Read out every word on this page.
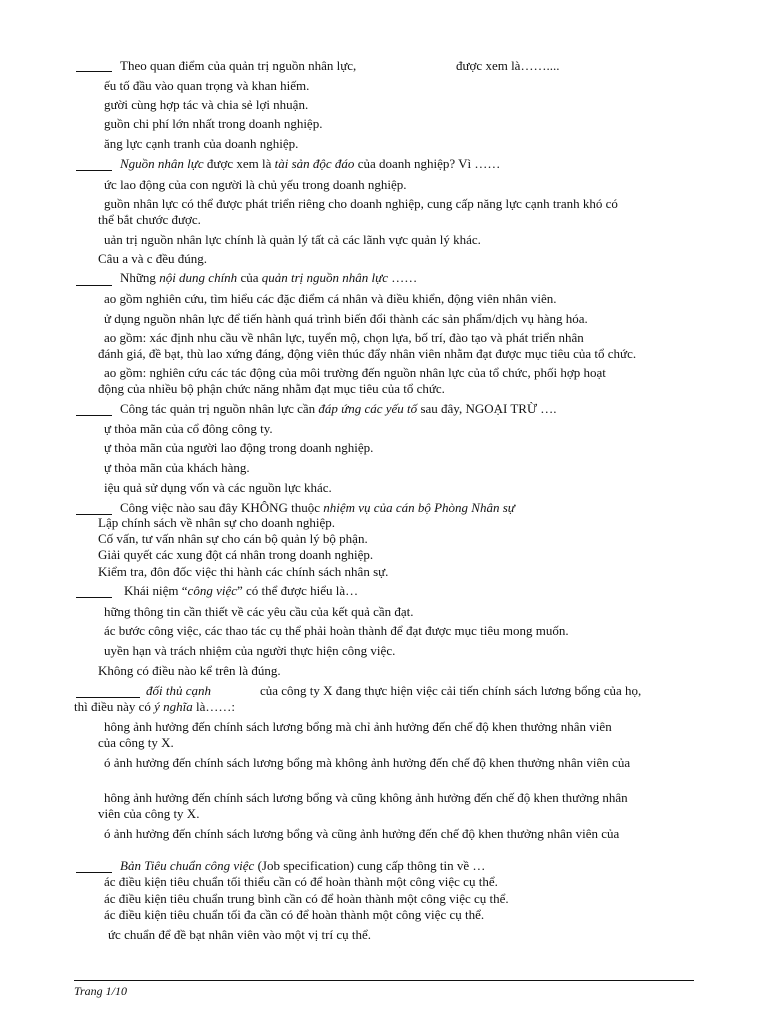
Theo quan điểm của quản trị nguồn nhân lực,	được xem là……....
ếu tố đầu vào quan trọng và khan hiếm.
gười cùng hợp tác và chia sẻ lợi nhuận.
guồn chi phí lớn nhất trong doanh nghiệp.
ăng lực cạnh tranh của doanh nghiệp.
Nguồn nhân lực được xem là tài sản độc đáo của doanh nghiệp? Vì ……
ức lao động của con người là chủ yếu trong doanh nghiệp.
guồn nhân lực có thể được phát triển riêng cho doanh nghiệp, cung cấp năng lực cạnh tranh khó có
thể bắt chước được.
uản trị nguồn nhân lực chính là quản lý tất cả các lãnh vực quản lý khác.
Câu a và c đều đúng.
Những nội dung chính của quản trị nguồn nhân lực ……
ao gồm nghiên cứu, tìm hiểu các đặc điểm cá nhân và điều khiển, động viên nhân viên.
ử dụng nguồn nhân lực để tiến hành quá trình biến đổi thành các sản phẩm/dịch vụ hàng hóa.
ao gồm: xác định nhu cầu về nhân lực, tuyển mộ, chọn lựa, bố trí, đào tạo và phát triển nhân
đánh giá, đề bạt, thù lao xứng đáng, động viên thúc đẩy nhân viên nhằm đạt được mục tiêu của tổ chức.
ao gồm: nghiên cứu các tác động của môi trường đến nguồn nhân lực của tổ chức, phối hợp hoạt
động của nhiều bộ phận chức năng nhằm đạt mục tiêu của tổ chức.
Công tác quản trị nguồn nhân lực cần đáp ứng các yếu tố sau đây, NGOẠI TRỪ ….
ự thỏa mãn của cổ đông công ty.
ự thỏa mãn của người lao động trong doanh nghiệp.
ự thỏa mãn của khách hàng.
iệu quả sử dụng vốn và các nguồn lực khác.
Công việc nào sau đây KHÔNG thuộc nhiệm vụ của cán bộ Phòng Nhân sự
Lập chính sách về nhân sự cho doanh nghiệp.
Cố vấn, tư vấn nhân sự cho cán bộ quản lý bộ phận.
Giải quyết các xung đột cá nhân trong doanh nghiệp.
Kiểm tra, đôn đốc việc thi hành các chính sách nhân sự.
Khái niệm “công việc” có thể được hiểu là…
hững thông tin cần thiết về các yêu cầu của kết quả cần đạt.
ác bước công việc, các thao tác cụ thể phải hoàn thành để đạt được mục tiêu mong muốn.
uyền hạn và trách nhiệm của người thực hiện công việc.
Không có điều nào kể trên là đúng.
đối thủ cạnh	của công ty X đang thực hiện việc cải tiến chính sách lương bổng của họ,
thì điều này có ý nghĩa là……:
hông ảnh hưởng đến chính sách lương bổng mà chỉ ảnh hưởng đến chế độ khen thưởng nhân viên
của công ty X.
ó ảnh hưởng đến chính sách lương bổng mà không ảnh hưởng đến chế độ khen thưởng nhân viên của
hông ảnh hưởng đến chính sách lương bổng và cũng không ảnh hưởng đến chế độ khen thưởng nhân
viên của công ty X.
ó ảnh hưởng đến chính sách lương bổng và cũng ảnh hưởng đến chế độ khen thưởng nhân viên của
Bản Tiêu chuẩn công việc (Job specification) cung cấp thông tin về …
ác điều kiện tiêu chuẩn tối thiểu cần có để hoàn thành một công việc cụ thể.
ác điều kiện tiêu chuẩn trung bình cần có để hoàn thành một công việc cụ thể.
ác điều kiện tiêu chuẩn tối đa cần có để hoàn thành một công việc cụ thể.
ức chuẩn để đề bạt nhân viên vào một vị trí cụ thể.
Trang 1/10
